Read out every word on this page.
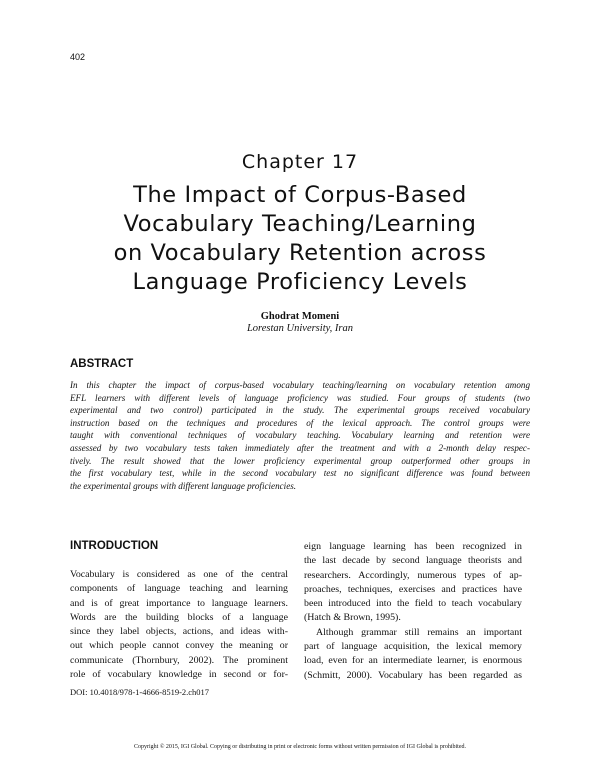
402
Chapter 17
The Impact of Corpus-Based
Vocabulary Teaching/Learning
on Vocabulary Retention across
Language Proficiency Levels
Ghodrat Momeni
Lorestan University, Iran
ABSTRACT
In this chapter the impact of corpus-based vocabulary teaching/learning on vocabulary retention among
EFL learners with different levels of language proficiency was studied. Four groups of students (two
experimental and two control) participated in the study. The experimental groups received vocabulary
instruction based on the techniques and procedures of the lexical approach. The control groups were
taught with conventional techniques of vocabulary teaching. Vocabulary learning and retention were
assessed by two vocabulary tests taken immediately after the treatment and with a 2-month delay respec-
tively. The result showed that the lower proficiency experimental group outperformed other groups in
the first vocabulary test, while in the second vocabulary test no significant difference was found between
the experimental groups with different language proficiencies.
INTRODUCTION
Vocabulary is considered as one of the central
components of language teaching and learning
and is of great importance to language learners.
Words are the building blocks of a language
since they label objects, actions, and ideas with-
out which people cannot convey the meaning or
communicate (Thornbury, 2002). The prominent
role of vocabulary knowledge in second or for-
eign language learning has been recognized in
the last decade by second language theorists and
researchers. Accordingly, numerous types of ap-
proaches, techniques, exercises and practices have
been introduced into the field to teach vocabulary
(Hatch & Brown, 1995).
Although grammar still remains an important
part of language acquisition, the lexical memory
load, even for an intermediate learner, is enormous
(Schmitt, 2000). Vocabulary has been regarded as
DOI: 10.4018/978-1-4666-8519-2.ch017
Copyright © 2015, IGI Global. Copying or distributing in print or electronic forms without written permission of IGI Global is prohibited.
